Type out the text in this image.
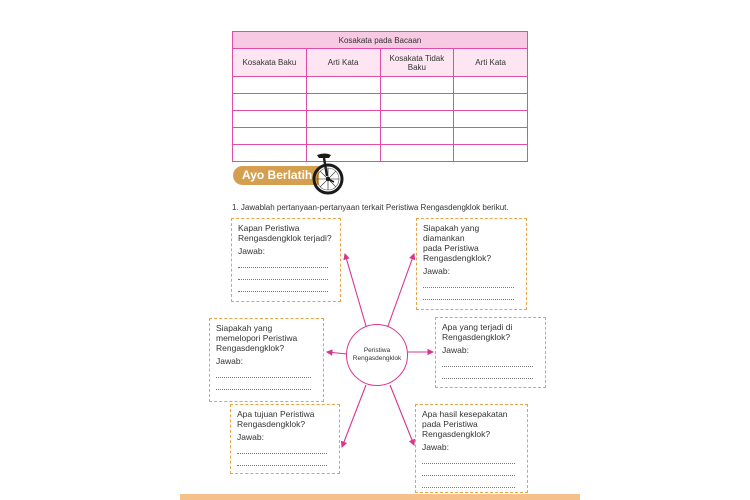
Kosakata pada Bacaan			
Kosakata Baku	Arti Kata	Kosakata Tidak Baku	Arti Kata

Ayo Berlatih
1. Jawablah pertanyaan-pertanyaan terkait Peristiwa Rengasdengklok berikut.
Peristiwa
Rengasdengklok
Kapan Peristiwa
Rengasdengklok terjadi?
Jawab:
Siapakah yang
diamankan
pada Peristiwa
Rengasdengklok?
Jawab:
Siapakah yang
memelopori Peristiwa
Rengasdengklok?
Jawab:
Apa yang terjadi di
Rengasdengklok?
Jawab:
Apa tujuan Peristiwa
Rengasdengklok?
Jawab:
Apa hasil kesepakatan
pada Peristiwa
Rengasdengklok?
Jawab:
